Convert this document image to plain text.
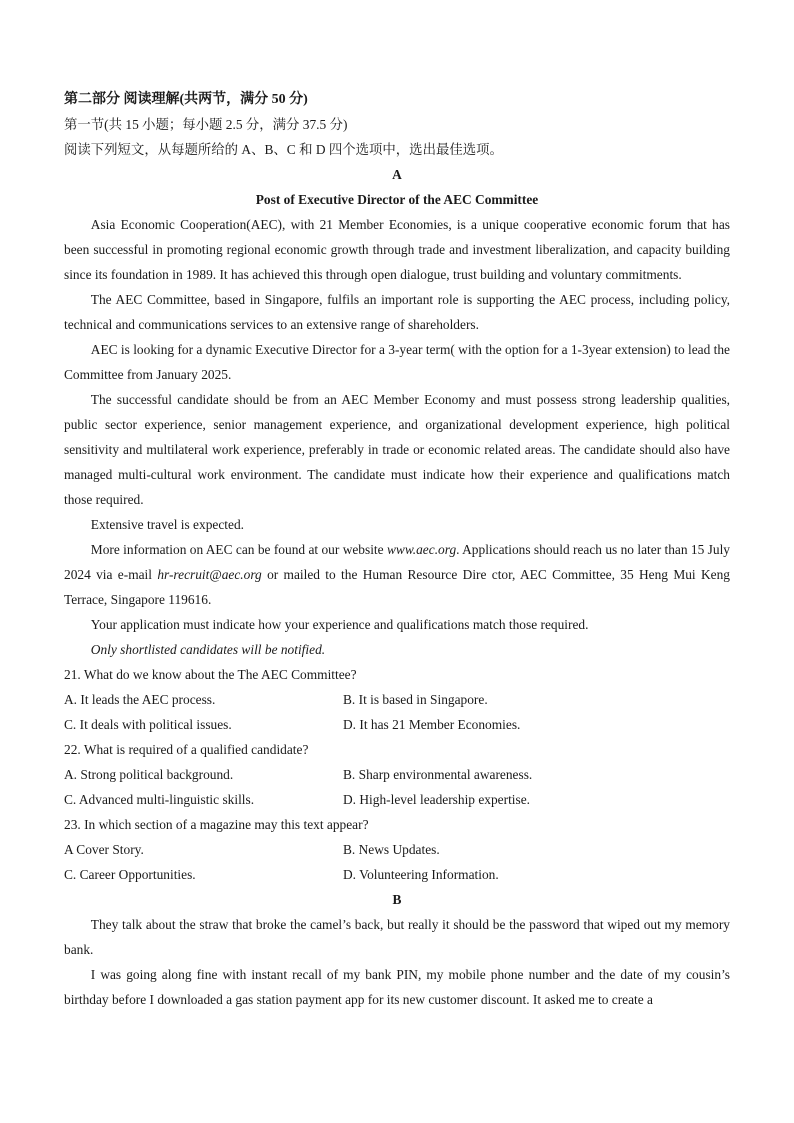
第二部分 阅读理解(共两节，满分 50 分)
第一节(共 15 小题；每小题 2.5 分，满分 37.5 分)
阅读下列短文，从每题所给的 A、B、C 和 D 四个选项中，选出最佳选项。
A
Post of Executive Director of the AEC Committee

Asia Economic Cooperation(AEC), with 21 Member Economies, is a unique cooperative economic forum that has been successful in promoting regional economic growth through trade and investment liberalization, and capacity building since its foundation in 1989. It has achieved this through open dialogue, trust building and voluntary commitments.

The AEC Committee, based in Singapore, fulfils an important role is supporting the AEC process, including policy, technical and communications services to an extensive range of shareholders.

AEC is looking for a dynamic Executive Director for a 3-year term( with the option for a 1-3year extension) to lead the Committee from January 2025.

The successful candidate should be from an AEC Member Economy and must possess strong leadership qualities, public sector experience, senior management experience, and organizational development experience, high political sensitivity and multilateral work experience, preferably in trade or economic related areas. The candidate should also have managed multi-cultural work environment. The candidate must indicate how their experience and qualifications match those required.

Extensive travel is expected.

More information on AEC can be found at our website www.aec.org. Applications should reach us no later than 15 July 2024 via e-mail hr-recruit@aec.org or mailed to the Human Resource Dire ctor, AEC Committee, 35 Heng Mui Keng Terrace, Singapore 119616.

Your application must indicate how your experience and qualifications match those required.

Only shortlisted candidates will be notified.

21. What do we know about the The AEC Committee?
A. It leads the AEC process.	B. It is based in Singapore.
C. It deals with political issues.	D. It has 21 Member Economies.
22. What is required of a qualified candidate?
A. Strong political background.	B. Sharp environmental awareness.
C. Advanced multi-linguistic skills.	D. High-level leadership expertise.
23. In which section of a magazine may this text appear?
A Cover Story.	B. News Updates.
C. Career Opportunities.	D. Volunteering Information.
B

They talk about the straw that broke the camel’s back, but really it should be the password that wiped out my memory bank.

I was going along fine with instant recall of my bank PIN, my mobile phone number and the date of my cousin’s birthday before I downloaded a gas station payment app for its new customer discount. It asked me to create a
